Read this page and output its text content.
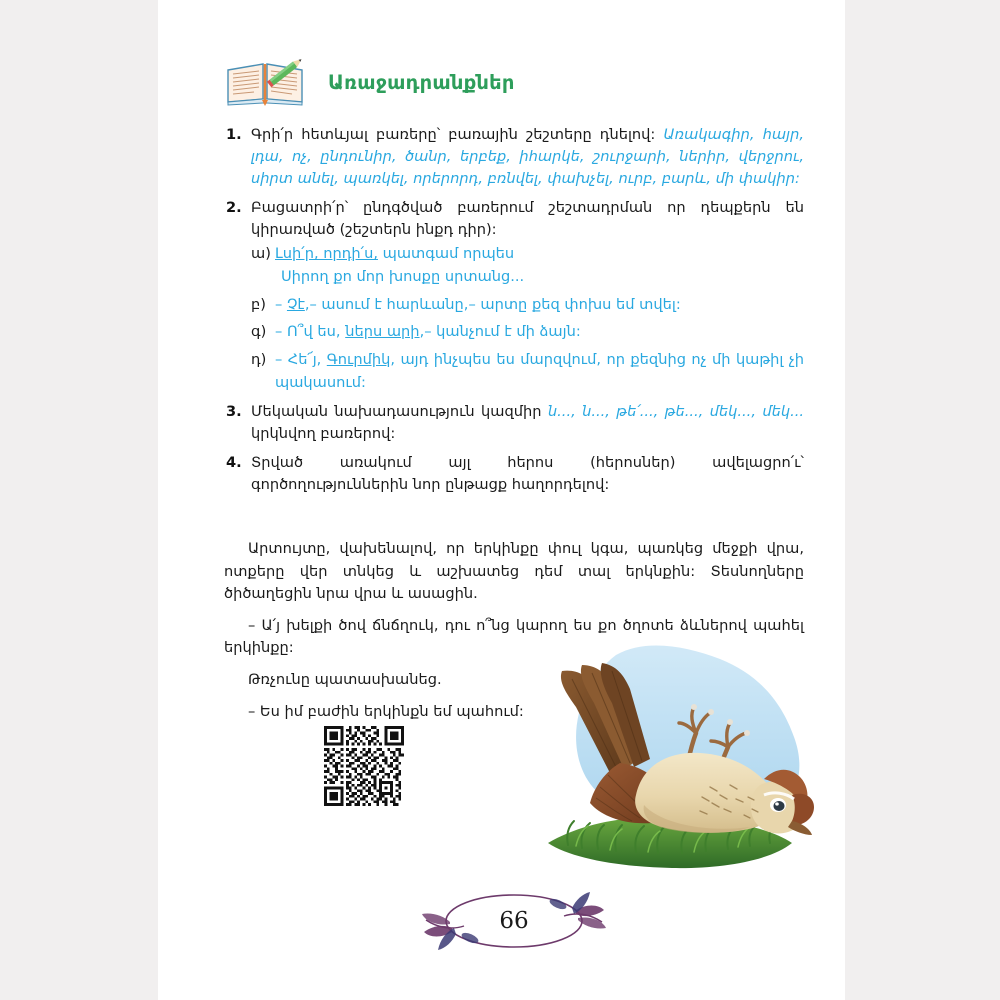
Առաջադրանքներ
1. Գրի՛ր հետևյալ բառերը՝ բառային շեշտերը դնելով: Առակագիր, հայր, լդա, ոչ, ընդունիր, ծանր, երբեք, իհարկե, շուրջարի, ներիր, վերջրու, սիրտ անել, պառկել, որերորդ, բռնվել, փախչել, ուրբ, բարև, մի փակիր:
2. Բացատրի՛ր՝ ընդգծված բառերում շեշտադրման որ դեպքերն են կիրառված (շեշտերն ինքդ դիր):
ա) Լսի՛ր, որդի՛ս, պատգամ որպես
Սիրող քո մոր խոսքը սրտանց...
բ) – Չէ,– ասում է հարևանը,– արտը քեզ փոխս եմ տվել:
գ) – Ո՞վ ես, ներս արի,– կանչում է մի ձայն:
դ) – Հե՜յ, Գուրմիկ, այդ ինչպես ես մարզվում, որ քեզնից ոչ մի կաթիլ չի պակասում:
3. Մեկական նախադասություն կազմիր ն..., ն..., թե՛..., թե..., մեկ..., մեկ... կրկնվող բառերով:
4. Տրված առակում այլ հերոս (հերոսներ) ավելացրո՛ւ՝ գործողություններին նոր ընթացք հաղորդելով:

Արտույտը, վախենալով, որ երկինքը փուլ կգա, պառկեց մեջքի վրա, ոտքերը վեր տնկեց և աշխատեց դեմ տալ երկնքին: Տեսնողները ծիծաղեցին նրա վրա և ասացին.

– Ա՛յ խելքի ծով ճնճղուկ, դու ո՞նց կարող ես քո ծղոտե ձևներով պահել երկինքը:

Թռչունը պատասխանեց.

– Ես իմ բաժին երկինքն եմ պահում:

66
